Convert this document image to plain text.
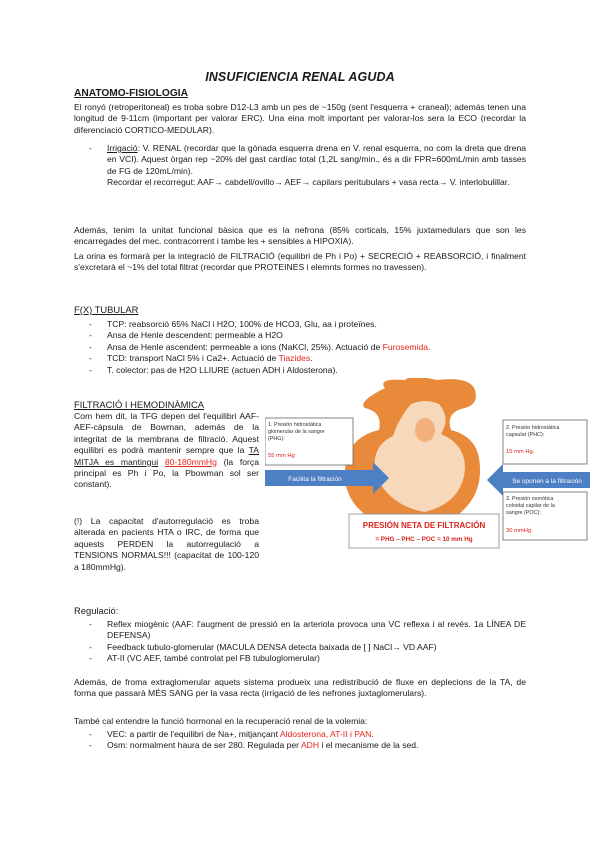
INSUFICIENCIA RENAL AGUDA
ANATOMO-FISIOLOGIA
El ronyó (retroperitoneal) es troba sobre D12-L3 amb un pes de ~150g (sent l'esquerra + craneal); además tenen una longitud de 9-11cm (important per valorar ERC). Una eina molt important per valorar-los sera la ECO (recordar la diferenciació CORTICO-MEDULAR).
- Irrigació: V. RENAL (recordar que la gònada esquerra drena en V. renal esquerra, no com la dreta que drena en VCI). Aquest òrgan rep ~20% del gast cardíac total (1,2L sang/min., és a dir FPR=600mL/min amb tasses de FG de 120mL/min).
Recordar el recorregut: AAF→ cabdell/ovillo→ AEF→ capilars peritubulars + vasa recta→ V. interlobulillar.
Además, tenim la unitat funcional bàsica que es la nefrona (85% corticals, 15% juxtamedulars que son les encarregades del mec. contracorrent i tambe les + sensibles a HIPOXIA).
La orina es formarà per la integració de FILTRACIÓ (equilibri de Ph i Po) + SECRECIÓ + REABSORCIÓ, i finalment s'excretarà el ~1% del total filtrat (recordar que PROTEINES i elemnts formes no travessen).
F(X) TUBULAR
- TCP: reabsorció 65% NaCl i H2O, 100% de HCO3, Glu, aa i proteïnes.
- Ansa de Henle descendent: permeable a H2O
- Ansa de Henle ascendent: permeable a ions (NaKCl, 25%). Actuació de Furosemida.
- TCD: transport NaCl 5% i Ca2+. Actuació de Tiazides.
- T. colector: pas de H2O LLIURE (actuen ADH i Aldosterona).
FILTRACIÓ I HEMODINÀMICA
Com hem dit, la TFG depen del l'equilibri AAF-AEF-càpsula de Bowman, además de la integritat de la membrana de filtració. Aquest equilibri es podrà mantenir sempre que la TA MITJA es mantingui 80-180mmHg (la força principal es Ph i Po, la Pbowman sol ser constant).
(!) La capacitat d'autorregulació es troba alterada en pacients HTA o IRC, de forma que aquests PERDEN la autorregulació a TENSIONS NORMALS!!! (capacitat de 100-120 a 180mmHg).
Facilita la filtración	Se oponen a la filtración
1. Presión hidrostática
glomerular de la sangre
(PHG):
55 mm Hg
2. Presión hidrostática
capsular (PHC):
15 mm Hg.
3. Presión osmótica
coloidal capilar de la
sangre (POC):
30 mmHg.
PRESIÓN NETA DE FILTRACIÓN
= PHG – PHC – POC = 10 mm Hg
Regulació:
- Reflex miogènic (AAF: l'augment de pressió en la arteriola provoca una VC reflexa i al revés. 1a LÍNEA DE DEFENSA)
- Feedback tubulo-glomerular (MACULA DENSA detecta baixada de [ ] NaCl→ VD AAF)
- AT-II (VC AEF, també controlat pel FB tubuloglomerular)
Además, de froma extraglomerular aquets sistema produeix una redistribució de fluxe en deplecions de la TA, de forma que passarà MÉS SANG per la vasa recta (irrigació de les nefrones juxtaglomerulars).
També cal entendre la funció hormonal en la recuperació renal de la volemia:
- VEC: a partir de l'equilibri de Na+, mitjançant Aldosterona, AT-II i PAN.
- Osm: normalment haura de ser 280. Regulada per ADH i el mecanisme de la sed.
